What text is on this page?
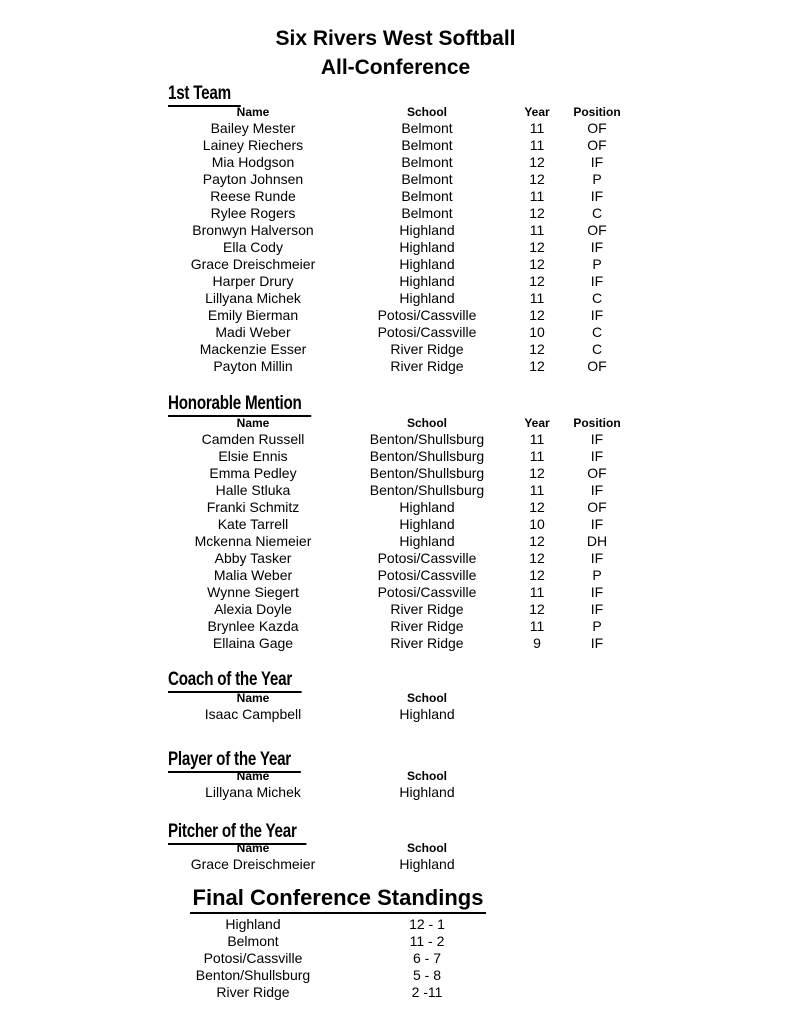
Six Rivers West Softball
All-Conference
1st Team
Name	School	Year	Position
Bailey Mester	Belmont	11	OF
Lainey Riechers	Belmont	11	OF
Mia Hodgson	Belmont	12	IF
Payton Johnsen	Belmont	12	P
Reese Runde	Belmont	11	IF
Rylee Rogers	Belmont	12	C
Bronwyn Halverson	Highland	11	OF
Ella Cody	Highland	12	IF
Grace Dreischmeier	Highland	12	P
Harper Drury	Highland	12	IF
Lillyana Michek	Highland	11	C
Emily Bierman	Potosi/Cassville	12	IF
Madi Weber	Potosi/Cassville	10	C
Mackenzie Esser	River Ridge	12	C
Payton Millin	River Ridge	12	OF
Honorable Mention
Name	School	Year	Position
Camden Russell	Benton/Shullsburg	11	IF
Elsie Ennis	Benton/Shullsburg	11	IF
Emma Pedley	Benton/Shullsburg	12	OF
Halle Stluka	Benton/Shullsburg	11	IF
Franki Schmitz	Highland	12	OF
Kate Tarrell	Highland	10	IF
Mckenna Niemeier	Highland	12	DH
Abby Tasker	Potosi/Cassville	12	IF
Malia Weber	Potosi/Cassville	12	P
Wynne Siegert	Potosi/Cassville	11	IF
Alexia Doyle	River Ridge	12	IF
Brynlee Kazda	River Ridge	11	P
Ellaina Gage	River Ridge	9	IF
Coach of the Year
Name	School
Isaac Campbell	Highland
Player of the Year
Name	School
Lillyana Michek	Highland
Pitcher of the Year
Name	School
Grace Dreischmeier	Highland
Final Conference Standings
Highland	12 - 1
Belmont	11 - 2
Potosi/Cassville	6 - 7
Benton/Shullsburg	5 - 8
River Ridge	2 -11
